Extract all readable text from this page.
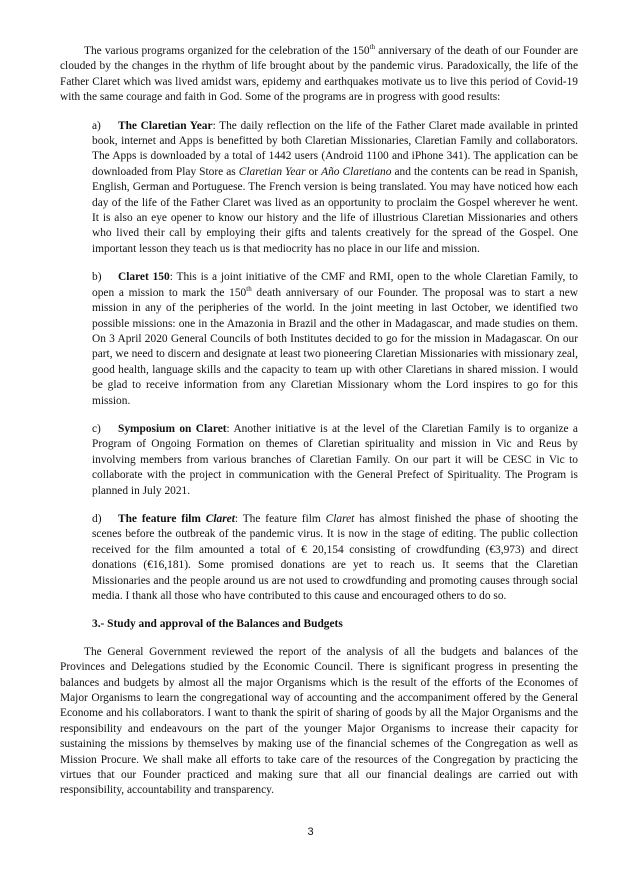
The various programs organized for the celebration of the 150th anniversary of the death of our Founder are clouded by the changes in the rhythm of life brought about by the pandemic virus. Paradoxically, the life of the Father Claret which was lived amidst wars, epidemy and earthquakes motivate us to live this period of Covid-19 with the same courage and faith in God. Some of the programs are in progress with good results:

a) The Claretian Year: The daily reflection on the life of the Father Claret made available in printed book, internet and Apps is benefitted by both Claretian Missionaries, Claretian Family and collaborators. The Apps is downloaded by a total of 1442 users (Android 1100 and iPhone 341). The application can be downloaded from Play Store as Claretian Year or Año Claretiano and the contents can be read in Spanish, English, German and Portuguese. The French version is being translated. You may have noticed how each day of the life of the Father Claret was lived as an opportunity to proclaim the Gospel wherever he went. It is also an eye opener to know our history and the life of illustrious Claretian Missionaries and others who lived their call by employing their gifts and talents creatively for the spread of the Gospel. One important lesson they teach us is that mediocrity has no place in our life and mission.

b) Claret 150: This is a joint initiative of the CMF and RMI, open to the whole Claretian Family, to open a mission to mark the 150th death anniversary of our Founder. The proposal was to start a new mission in any of the peripheries of the world. In the joint meeting in last October, we identified two possible missions: one in the Amazonia in Brazil and the other in Madagascar, and made studies on them. On 3 April 2020 General Councils of both Institutes decided to go for the mission in Madagascar. On our part, we need to discern and designate at least two pioneering Claretian Missionaries with missionary zeal, good health, language skills and the capacity to team up with other Claretians in shared mission. I would be glad to receive information from any Claretian Missionary whom the Lord inspires to go for this mission.

c) Symposium on Claret: Another initiative is at the level of the Claretian Family is to organize a Program of Ongoing Formation on themes of Claretian spirituality and mission in Vic and Reus by involving members from various branches of Claretian Family. On our part it will be CESC in Vic to collaborate with the project in communication with the General Prefect of Spirituality. The Program is planned in July 2021.

d) The feature film Claret: The feature film Claret has almost finished the phase of shooting the scenes before the outbreak of the pandemic virus. It is now in the stage of editing. The public collection received for the film amounted a total of € 20,154 consisting of crowdfunding (€3,973) and direct donations (€16,181). Some promised donations are yet to reach us. It seems that the Claretian Missionaries and the people around us are not used to crowdfunding and promoting causes through social media. I thank all those who have contributed to this cause and encouraged others to do so.

3.- Study and approval of the Balances and Budgets

The General Government reviewed the report of the analysis of all the budgets and balances of the Provinces and Delegations studied by the Economic Council. There is significant progress in presenting the balances and budgets by almost all the major Organisms which is the result of the efforts of the Economes of Major Organisms to learn the congregational way of accounting and the accompaniment offered by the General Econome and his collaborators. I want to thank the spirit of sharing of goods by all the Major Organisms and the responsibility and endeavours on the part of the younger Major Organisms to increase their capacity for sustaining the missions by themselves by making use of the financial schemes of the Congregation as well as Mission Procure. We shall make all efforts to take care of the resources of the Congregation by practicing the virtues that our Founder practiced and making sure that all our financial dealings are carried out with responsibility, accountability and transparency.

3
